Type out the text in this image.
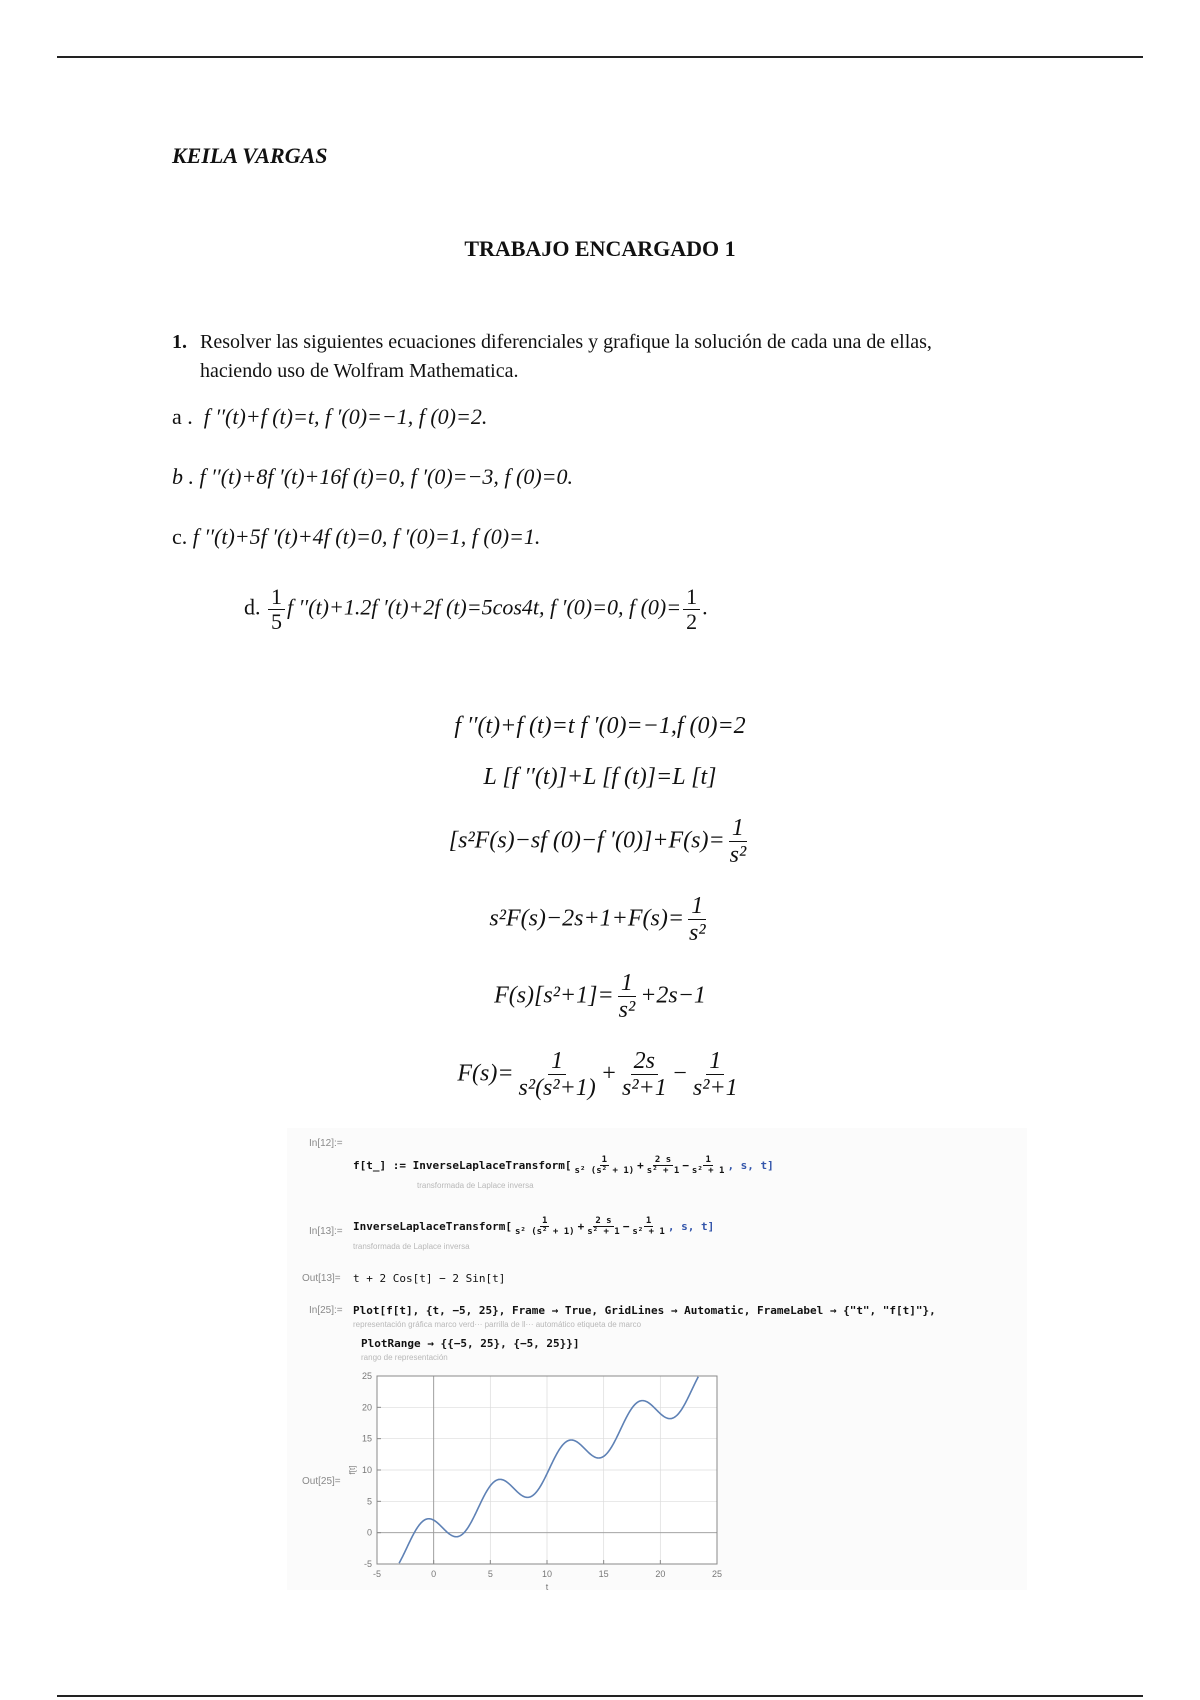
KEILA VARGAS
TRABAJO ENCARGADO 1
1. Resolver las siguientes ecuaciones diferenciales y grafique la solución de cada una de ellas,
haciendo uso de Wolfram Mathematica.
a . f ′′(t)+f (t)=t, f ′(0)=−1, f (0)=2.
b . f ′′(t)+8f ′(t)+16f (t)=0, f ′(0)=−3, f (0)=0.
c. f ′′(t)+5f ′(t)+4f (t)=0, f ′(0)=1, f (0)=1.
d. $\frac{1}{5}$ f ′′(t)+1.2f ′(t)+2f (t)=5cos4t, f ′(0)=0, f $(0)= \frac{1}{2}$ .
f ′′(t)+f (t)=t f ′(0)=−1,f (0)=2
L [f ′′(t)]+L [f (t)]=L [t]
[s²F(s)−sf (0)−f $'(0)]+F(s)= \frac{1}{\text{s²}}$
$s^2F(s)-2s+1+F(s)= \frac{1}{\text{s²}}$
$F(s)[s^2+1]= \frac{1}{\text{s²}} +2s-1$
$F(s)= \frac{1}{\text{s²(s²+1)}} + \frac{2s}{\text{s²+1}} - \frac{1}{\text{s²+1}}$
In[12]:=
f[t_] := InverseLaplaceTransform[ $\frac{1}{\text{s² (s² + 1)}} + \frac{2 s}{\text{s² + 1}} - \frac{1}{\text{s² + 1}}$ , s, t]
transformada de Laplace inversa
In[13]:= InverseLaplaceTransform[ $\frac{1}{\text{s² (s² + 1)}} + \frac{2 s}{\text{s² + 1}} - \frac{1}{\text{s² + 1}}$ , s, t]
transformada de Laplace inversa
Out[13]= t + 2 Cos[t] − 2 Sin[t]
In[25]:= Plot[f[t], {t, −5, 25}, Frame → True, GridLines → Automatic, FrameLabel → {"t", "f[t]"},
representación gráfica marco verd··· parrilla de ll··· automático etiqueta de marco
PlotRange → {{−5, 25}, {−5, 25}}]
rango de representación
Out[25]=
-5	0	5	10	15	20	25
-5
0
5
10
15
20
25
t
f[t]
